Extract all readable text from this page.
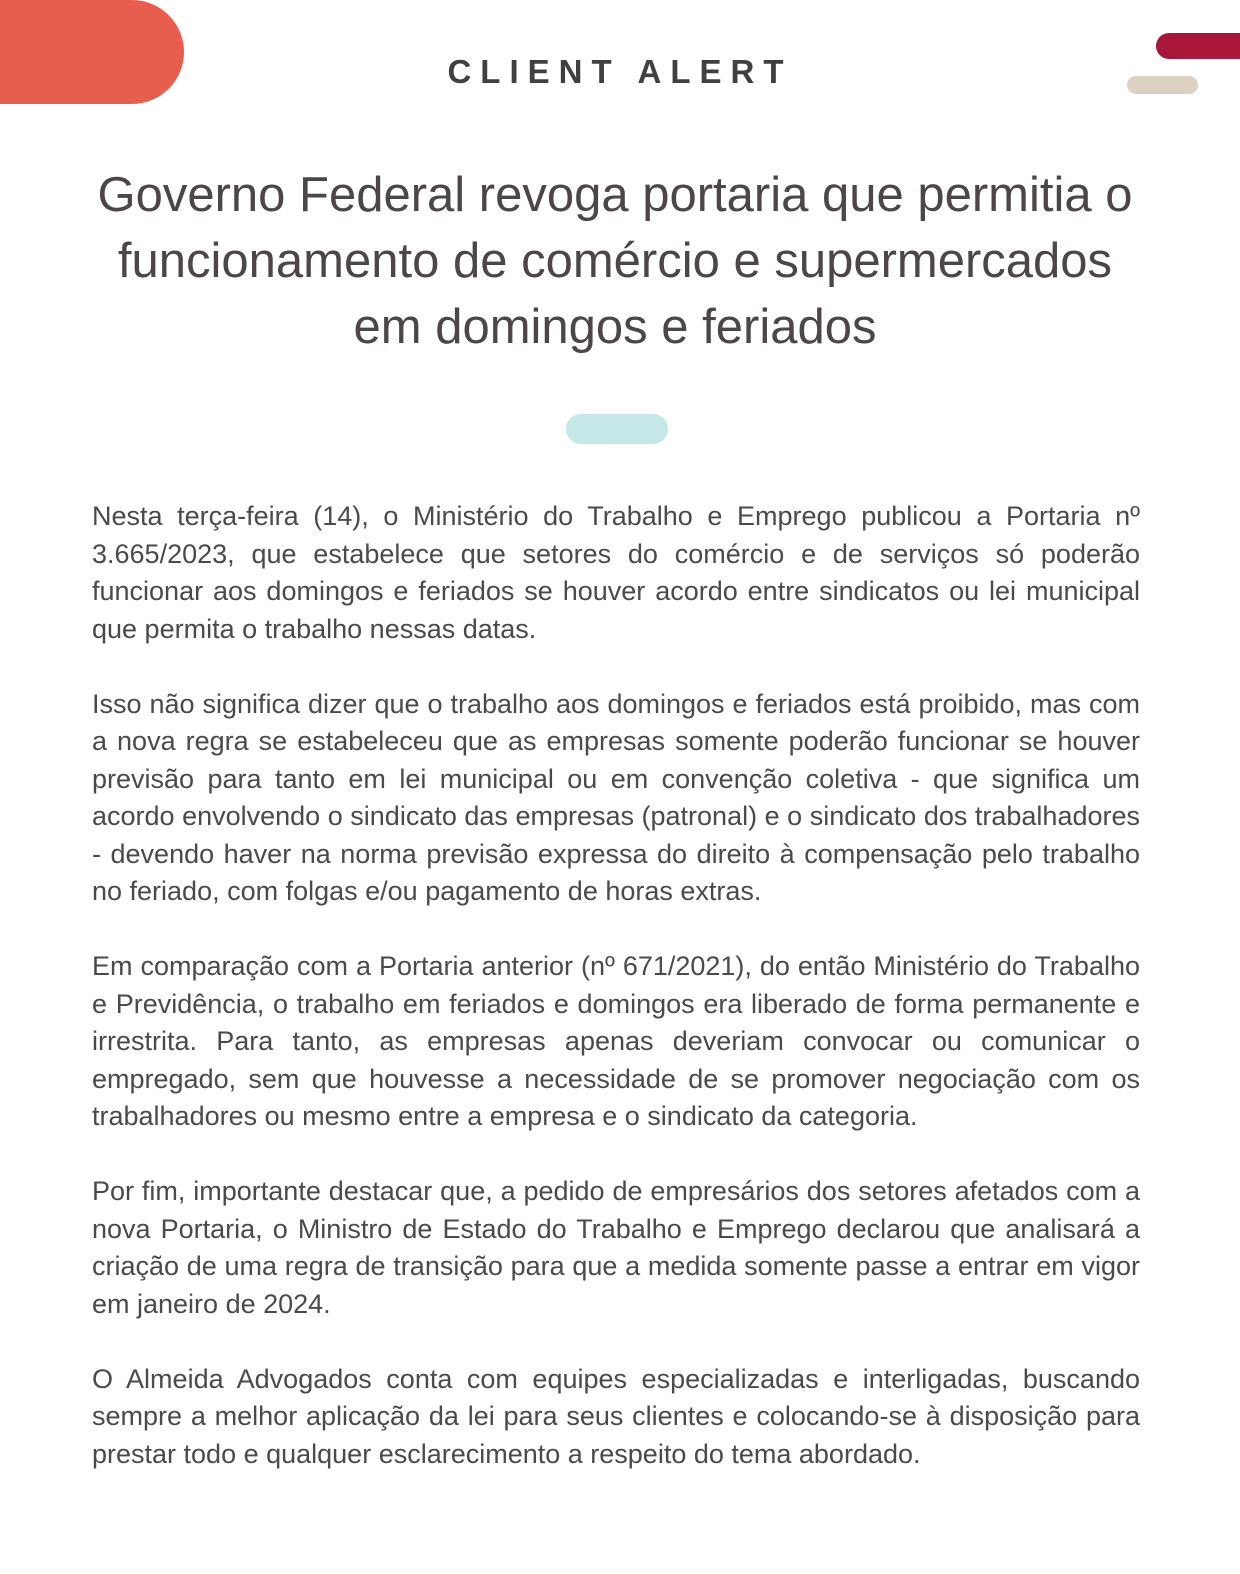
CLIENT ALERT
Governo Federal revoga portaria que permitia o funcionamento de comércio e supermercados em domingos e feriados

Nesta terça-feira (14), o Ministério do Trabalho e Emprego publicou a Portaria nº 3.665/2023, que estabelece que setores do comércio e de serviços só poderão funcionar aos domingos e feriados se houver acordo entre sindicatos ou lei municipal que permita o trabalho nessas datas.

Isso não significa dizer que o trabalho aos domingos e feriados está proibido, mas com a nova regra se estabeleceu que as empresas somente poderão funcionar se houver previsão para tanto em lei municipal ou em convenção coletiva - que significa um acordo envolvendo o sindicato das empresas (patronal) e o sindicato dos trabalhadores - devendo haver na norma previsão expressa do direito à compensação pelo trabalho no feriado, com folgas e/ou pagamento de horas extras.

Em comparação com a Portaria anterior (nº 671/2021), do então Ministério do Trabalho e Previdência, o trabalho em feriados e domingos era liberado de forma permanente e irrestrita. Para tanto, as empresas apenas deveriam convocar ou comunicar o empregado, sem que houvesse a necessidade de se promover negociação com os trabalhadores ou mesmo entre a empresa e o sindicato da categoria.

Por fim, importante destacar que, a pedido de empresários dos setores afetados com a nova Portaria, o Ministro de Estado do Trabalho e Emprego declarou que analisará a criação de uma regra de transição para que a medida somente passe a entrar em vigor em janeiro de 2024.

O Almeida Advogados conta com equipes especializadas e interligadas, buscando sempre a melhor aplicação da lei para seus clientes e colocando-se à disposição para prestar todo e qualquer esclarecimento a respeito do tema abordado.
